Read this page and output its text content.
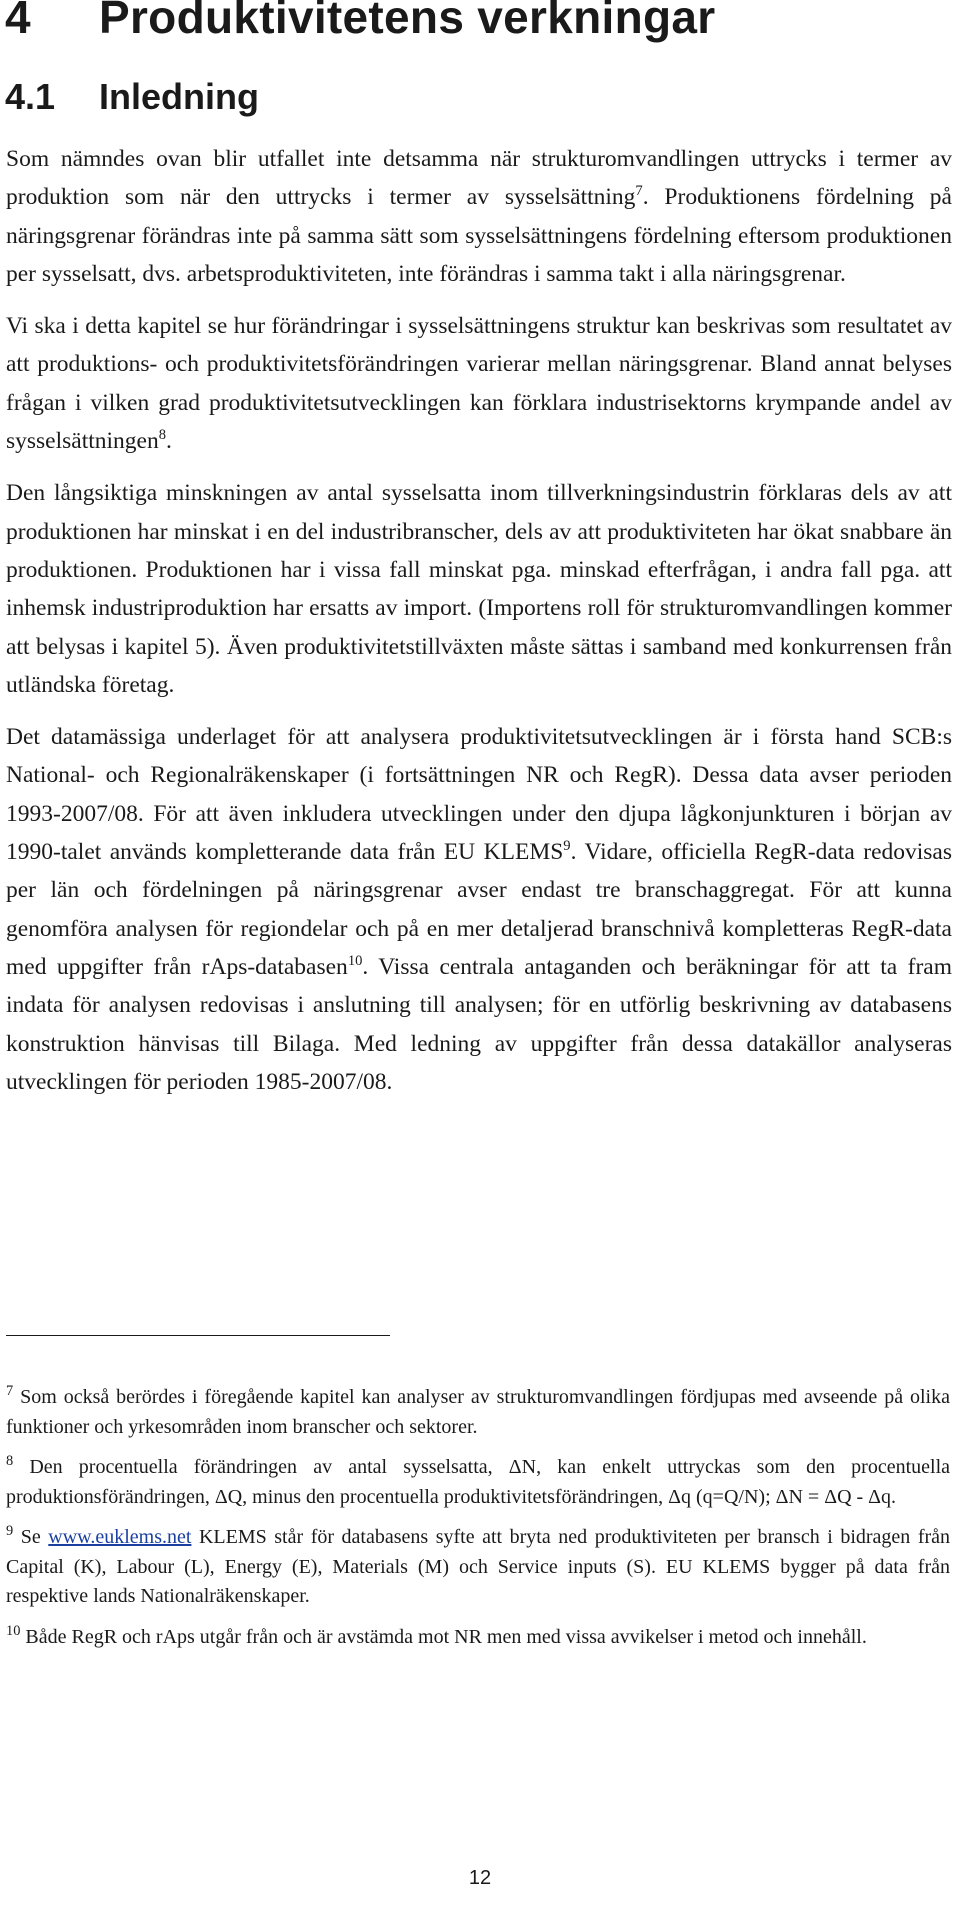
4 Produktivitetens verkningar
4.1 Inledning

Som nämndes ovan blir utfallet inte detsamma när strukturomvandlingen uttrycks i termer av produktion som när den uttrycks i termer av sysselsättning$^7$. Produktionens fördelning på näringsgrenar förändras inte på samma sätt som sysselsättningens fördelning eftersom produktionen per sysselsatt, dvs. arbetsproduktiviteten, inte förändras i samma takt i alla näringsgrenar.

Vi ska i detta kapitel se hur förändringar i sysselsättningens struktur kan beskrivas som resultatet av att produktions- och produktivitetsförändringen varierar mellan näringsgrenar. Bland annat belyses frågan i vilken grad produktivitetsutvecklingen kan förklara industrisektorns krympande andel av sysselsättningen$^8$.

Den långsiktiga minskningen av antal sysselsatta inom tillverkningsindustrin förklaras dels av att produktionen har minskat i en del industribranscher, dels av att produktiviteten har ökat snabbare än produktionen. Produktionen har i vissa fall minskat pga. minskad efterfrågan, i andra fall pga. att inhemsk industriproduktion har ersatts av import. (Importens roll för strukturomvandlingen kommer att belysas i kapitel 5). Även produktivitetstillväxten måste sättas i samband med konkurrensen från utländska företag.

Det datamässiga underlaget för att analysera produktivitetsutvecklingen är i första hand SCB:s National- och Regionalräkenskaper (i fortsättningen NR och RegR). Dessa data avser perioden 1993-2007/08. För att även inkludera utvecklingen under den djupa lågkonjunkturen i början av 1990-talet används kompletterande data från EU KLEMS$^9$. Vidare, officiella RegR-data redovisas per län och fördelningen på näringsgrenar avser endast tre branschaggregat. För att kunna genomföra analysen för regiondelar och på en mer detaljerad branschnivå kompletteras RegR-data med uppgifter från rAps-databasen$^{10}$. Vissa centrala antaganden och beräkningar för att ta fram indata för analysen redovisas i anslutning till analysen; för en utförlig beskrivning av databasens konstruktion hänvisas till Bilaga. Med ledning av uppgifter från dessa datakällor analyseras utvecklingen för perioden 1985-2007/08.

$^7$ Som också berördes i föregående kapitel kan analyser av strukturomvandlingen fördjupas med avseende på olika funktioner och yrkesområden inom branscher och sektorer.

$^8$ Den procentuella förändringen av antal sysselsatta, ΔN, kan enkelt uttryckas som den procentuella produktionsförändringen, ΔQ, minus den procentuella produktivitetsförändringen, Δq (q=Q/N); ΔN = ΔQ - Δq.

$^9$ Se www.euklems.net KLEMS står för databasens syfte att bryta ned produktiviteten per bransch i bidragen från Capital (K), Labour (L), Energy (E), Materials (M) och Service inputs (S). EU KLEMS bygger på data från respektive lands Nationalräkenskaper.

$^{10}$ Både RegR och rAps utgår från och är avstämda mot NR men med vissa avvikelser i metod och innehåll.

12
